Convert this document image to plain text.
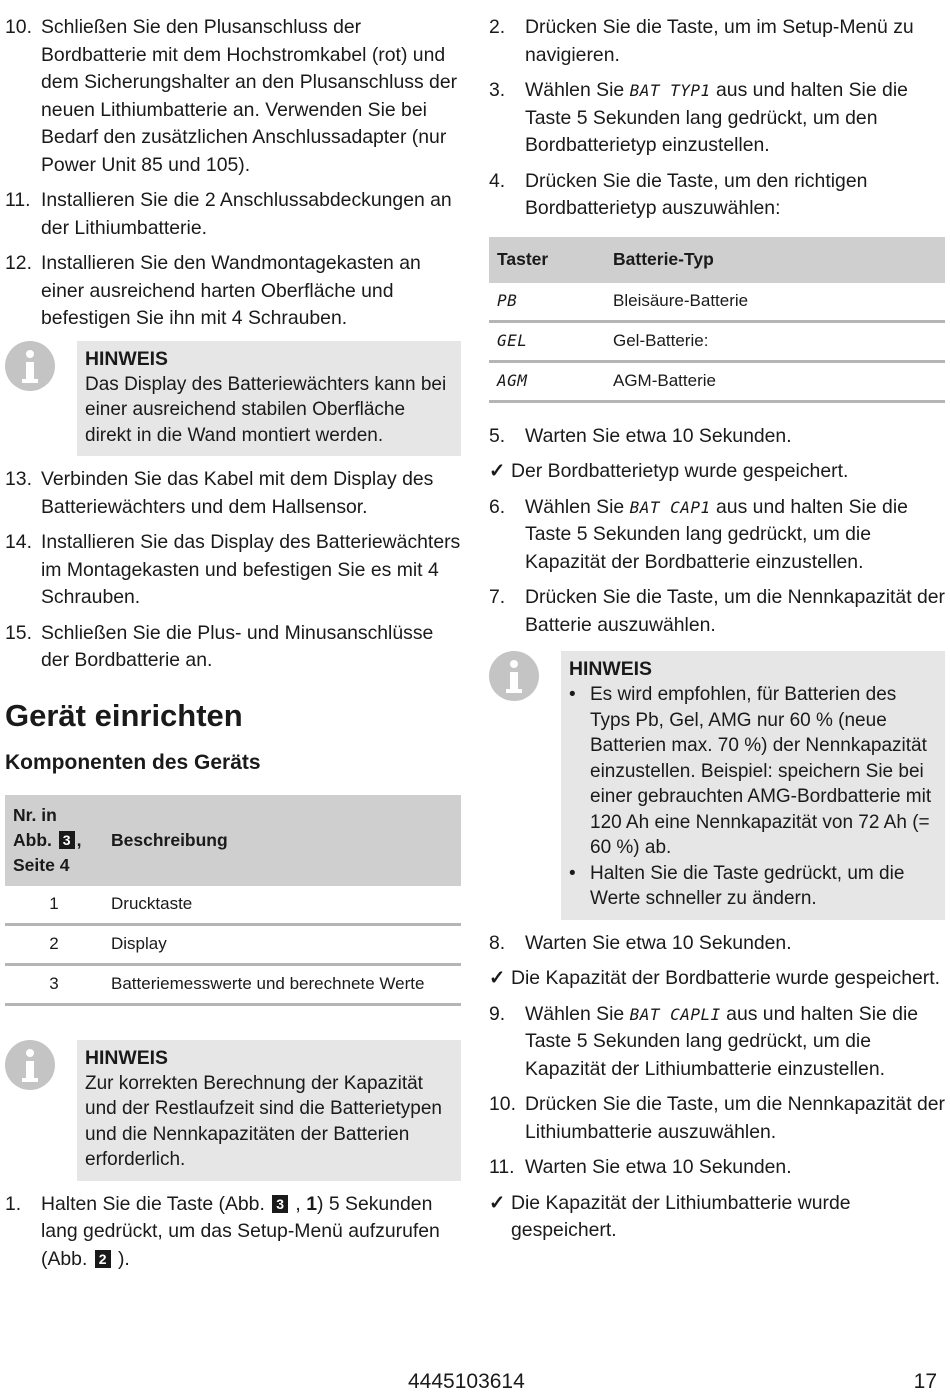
10. Schließen Sie den Plusanschluss der Bordbatterie mit dem Hochstromkabel (rot) und dem Sicherungshalter an den Plusanschluss der neuen Lithiumbatterie an. Verwenden Sie bei Bedarf den zusätzlichen Anschlussadapter (nur Power Unit 85 und 105).
11. Installieren Sie die 2 Anschlussabdeckungen an der Lithiumbatterie.
12. Installieren Sie den Wandmontagekasten an einer ausreichend harten Oberfläche und befestigen Sie ihn mit 4 Schrauben.
HINWEIS
Das Display des Batteriewächters kann bei einer ausreichend stabilen Oberfläche direkt in die Wand montiert werden.
13. Verbinden Sie das Kabel mit dem Display des Batteriewächters und dem Hallsensor.
14. Installieren Sie das Display des Batteriewächters im Montagekasten und befestigen Sie es mit 4 Schrauben.
15. Schließen Sie die Plus- und Minusanschlüsse der Bordbatterie an.
Gerät einrichten
Komponenten des Geräts
Nr. in
Abb. 3 ,
Seite 4	Beschreibung
1	Drucktaste
2	Display
3	Batteriemesswerte und berechnete Werte
HINWEIS
Zur korrekten Berechnung der Kapazität und der Restlaufzeit sind die Batterietypen und die Nennkapazitäten der Batterien erforderlich.
1.	Halten Sie die Taste (Abb. 3 , 1) 5 Sekunden lang gedrückt, um das Setup-Menü aufzurufen (Abb. 2 ).
2.	Drücken Sie die Taste, um im Setup-Menü zu navigieren.
3.	Wählen Sie BAT TYP1 aus und halten Sie die Taste 5 Sekunden lang gedrückt, um den Bordbatterietyp einzustellen.
4.	Drücken Sie die Taste, um den richtigen Bordbatterietyp auszuwählen:
Taster	Batterie-Typ
PB	Bleisäure-Batterie
GEL	Gel-Batterie:
AGM	AGM-Batterie
5.	Warten Sie etwa 10 Sekunden.
✓ Der Bordbatterietyp wurde gespeichert.
6.	Wählen Sie BAT CAP1 aus und halten Sie die Taste 5 Sekunden lang gedrückt, um die Kapazität der Bordbatterie einzustellen.
7.	Drücken Sie die Taste, um die Nennkapazität der Batterie auszuwählen.
HINWEIS
• Es wird empfohlen, für Batterien des Typs Pb, Gel, AMG nur 60 % (neue Batterien max. 70 %) der Nennkapazität einzustellen. Beispiel: speichern Sie bei einer gebrauchten AMG-Bordbatterie mit 120 Ah eine Nennkapazität von 72 Ah (= 60 %) ab.
• Halten Sie die Taste gedrückt, um die Werte schneller zu ändern.
8.	Warten Sie etwa 10 Sekunden.
✓ Die Kapazität der Bordbatterie wurde gespeichert.
9.	Wählen Sie BAT CAPLI aus und halten Sie die Taste 5 Sekunden lang gedrückt, um die Kapazität der Lithiumbatterie einzustellen.
10. Drücken Sie die Taste, um die Nennkapazität der Lithiumbatterie auszuwählen.
11. Warten Sie etwa 10 Sekunden.
✓ Die Kapazität der Lithiumbatterie wurde gespeichert.
4445103614	17
